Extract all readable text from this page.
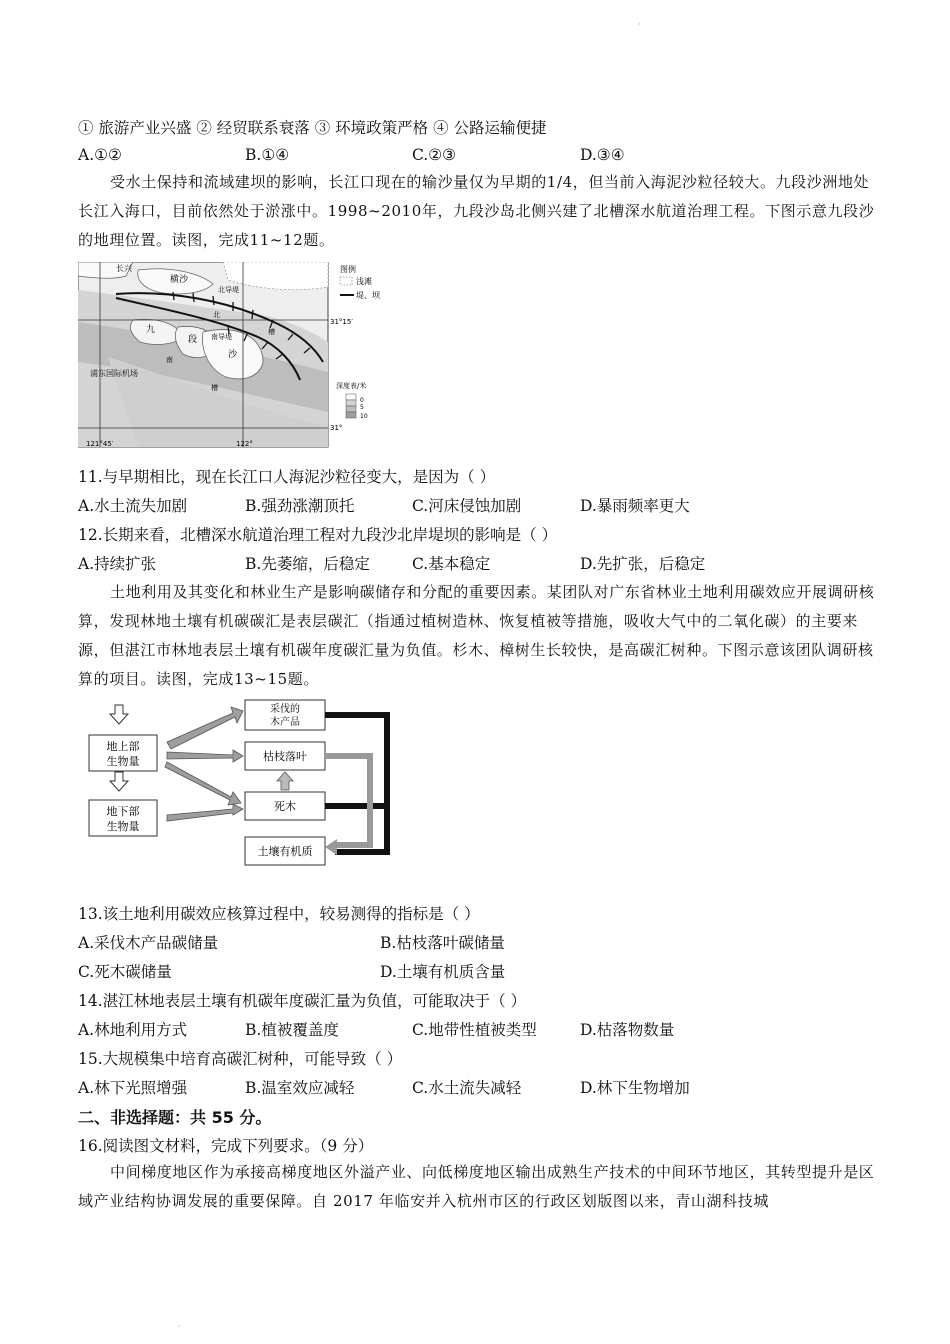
·
① 旅游产业兴盛 ② 经贸联系衰落 ③ 环境政策严格 ④ 公路运输便捷
A.①②	B.①④	C.②③	D.③④
受水土保持和流域建坝的影响，长江口现在的输沙量仅为早期的1/4，但当前入海泥沙粒径较大。九段沙洲地处长江入海口，目前依然处于淤涨中。1998~2010年，九段沙岛北侧兴建了北槽深水航道治理工程。下图示意九段沙的地理位置。读图，完成11~12题。
长兴
横沙
北导堤
北
槽
九
段
沙
南导堤
南
槽
浦东国际机场
31°15′
31°
121°45′	122°
图例
浅滩
堤、坝
深度表/米
0
5
10
11.与早期相比，现在长江口人海泥沙粒径变大，是因为（ ）
A.水土流失加剧	B.强劲涨潮顶托	C.河床侵蚀加剧	D.暴雨频率更大
12.长期来看，北槽深水航道治理工程对九段沙北岸堤坝的影响是（ ）
A.持续扩张	B.先萎缩，后稳定	C.基本稳定	D.先扩张，后稳定
土地利用及其变化和林业生产是影响碳储存和分配的重要因素。某团队对广东省林业土地利用碳效应开展调研核算，发现林地土壤有机碳碳汇是表层碳汇（指通过植树造林、恢复植被等措施，吸收大气中的二氧化碳）的主要来源，但湛江市林地表层土壤有机碳年度碳汇量为负值。杉木、樟树生长较快，是高碳汇树种。下图示意该团队调研核算的项目。读图，完成13~15题。
地上部
生物量
地下部
生物量
采伐的
木产品
枯枝落叶
死木
土壤有机质
13.该土地利用碳效应核算过程中，较易测得的指标是（ ）
A.采伐木产品碳储量	B.枯枝落叶碳储量
C.死木碳储量	D.土壤有机质含量
14.湛江林地表层土壤有机碳年度碳汇量为负值，可能取决于（ ）
A.林地利用方式	B.植被覆盖度	C.地带性植被类型	D.枯落物数量
15.大规模集中培育高碳汇树种，可能导致（ ）
A.林下光照增强	B.温室效应减轻	C.水土流失减轻	D.林下生物增加
二、非选择题：共 55 分。
16.阅读图文材料，完成下列要求。（9 分）
中间梯度地区作为承接高梯度地区外溢产业、向低梯度地区输出成熟生产技术的中间环节地区，其转型提升是区域产业结构协调发展的重要保障。自 2017 年临安并入杭州市区的行政区划版图以来，青山湖科技城
·
